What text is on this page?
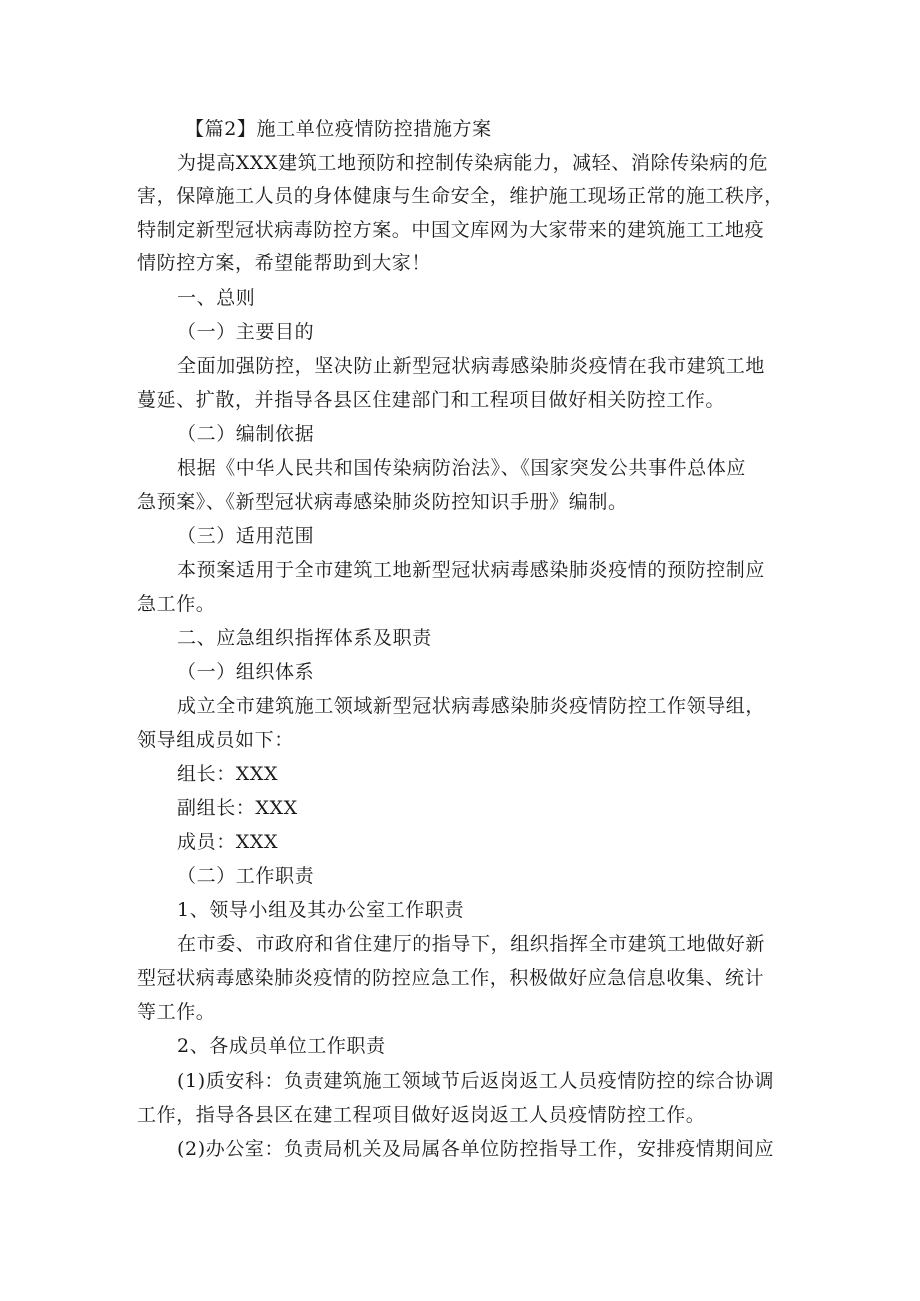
【篇2】施工单位疫情防控措施方案
为提高XXX建筑工地预防和控制传染病能力，减轻、消除传染病的危
害，保障施工人员的身体健康与生命安全，维护施工现场正常的施工秩序，
特制定新型冠状病毒防控方案。中国文库网为大家带来的建筑施工工地疫
情防控方案，希望能帮助到大家！
一、总则
（一）主要目的
全面加强防控，坚决防止新型冠状病毒感染肺炎疫情在我市建筑工地
蔓延、扩散，并指导各县区住建部门和工程项目做好相关防控工作。
（二）编制依据
根据《中华人民共和国传染病防治法》、《国家突发公共事件总体应
急预案》、《新型冠状病毒感染肺炎防控知识手册》编制。
（三）适用范围
本预案适用于全市建筑工地新型冠状病毒感染肺炎疫情的预防控制应
急工作。
二、应急组织指挥体系及职责
（一）组织体系
成立全市建筑施工领域新型冠状病毒感染肺炎疫情防控工作领导组，
领导组成员如下：
组长：XXX
副组长：XXX
成员：XXX
（二）工作职责
1、领导小组及其办公室工作职责
在市委、市政府和省住建厅的指导下，组织指挥全市建筑工地做好新
型冠状病毒感染肺炎疫情的防控应急工作，积极做好应急信息收集、统计
等工作。
2、各成员单位工作职责
(1)质安科：负责建筑施工领域节后返岗返工人员疫情防控的综合协调
工作，指导各县区在建工程项目做好返岗返工人员疫情防控工作。
(2)办公室：负责局机关及局属各单位防控指导工作，安排疫情期间应
